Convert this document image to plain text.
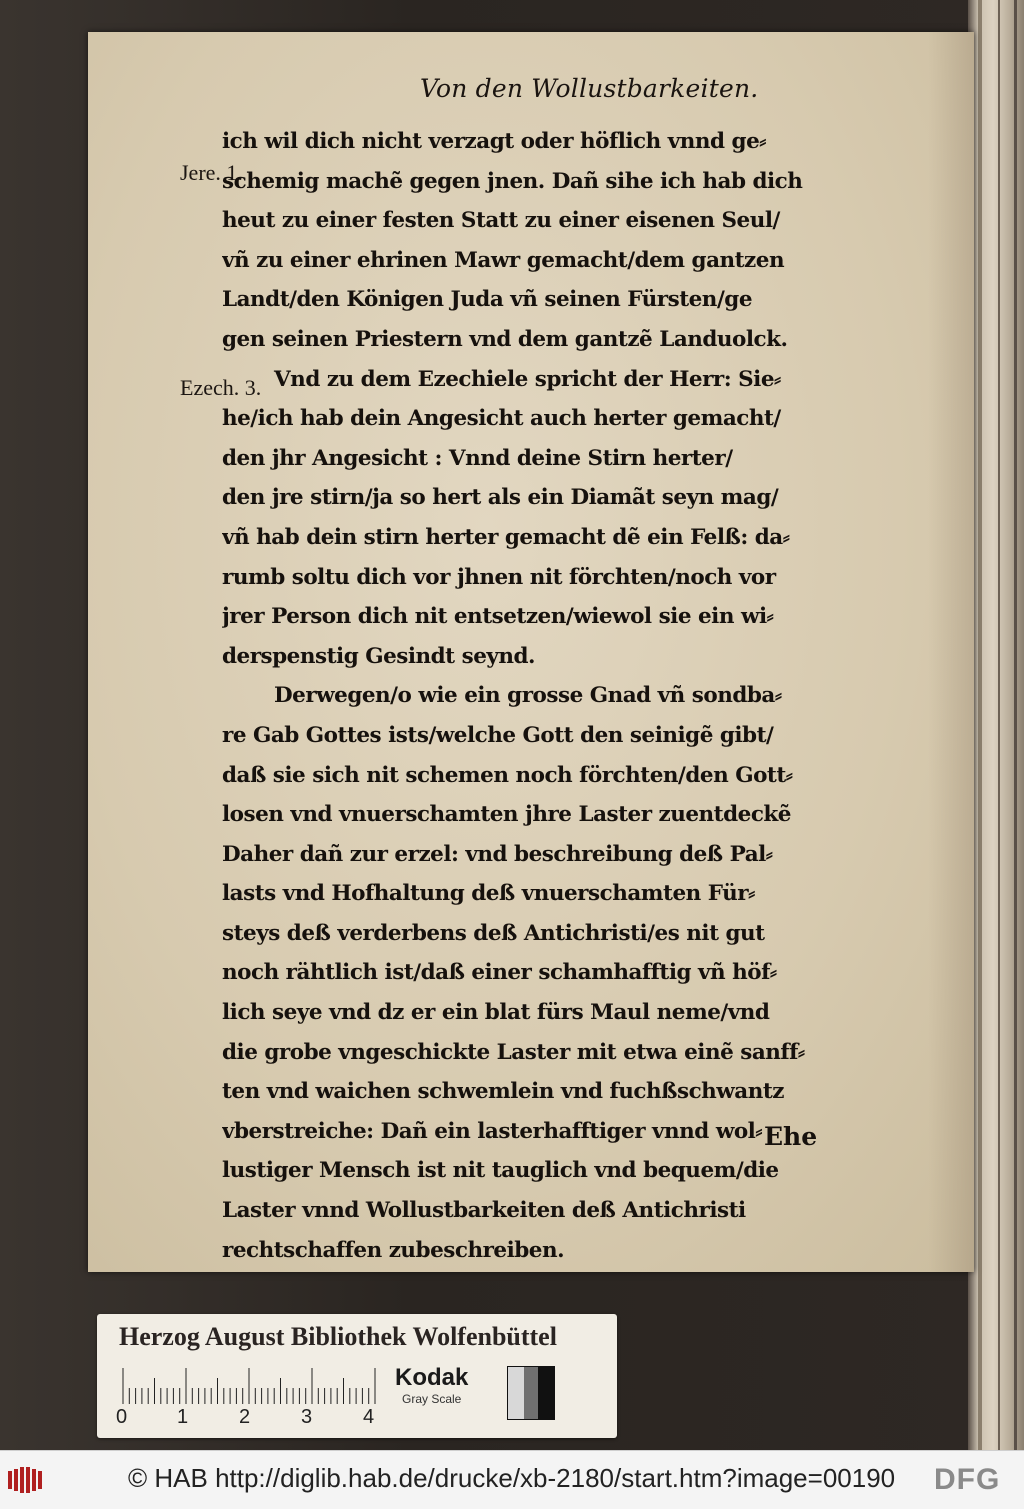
Von den Wollustbarkeiten.
Jere. 1.
Ezech. 3.
ich wil dich nicht verzagt oder höflich vnnd ge⸗
schemig machẽ gegen jnen. Dañ sihe ich hab dich
heut zu einer festen Statt zu einer eisenen Seul/
vñ zu einer ehrinen Mawr gemacht/dem gantzen
Landt/den Königen Juda vñ seinen Fürsten/ge
gen seinen Priestern vnd dem gantzẽ Landuolck.
Vnd zu dem Ezechiele spricht der Herr: Sie⸗
he/ich hab dein Angesicht auch herter gemacht/
den jhr Angesicht : Vnnd deine Stirn herter/
den jre stirn/ja so hert als ein Diamãt seyn mag/
vñ hab dein stirn herter gemacht dẽ ein Felß: da⸗
rumb soltu dich vor jhnen nit förchten/noch vor
jrer Person dich nit entsetzen/wiewol sie ein wi⸗
derspenstig Gesindt seynd.
Derwegen/o wie ein grosse Gnad vñ sondba⸗
re Gab Gottes ists/welche Gott den seinigẽ gibt/
daß sie sich nit schemen noch förchten/den Gott⸗
losen vnd vnuerschamten jhre Laster zuentdeckẽ
Daher dañ zur erzel: vnd beschreibung deß Pal⸗
lasts vnd Hofhaltung deß vnuerschamten Für⸗
steys deß verderbens deß Antichristi/es nit gut
noch rähtlich ist/daß einer schamhafftig vñ höf⸗
lich seye vnd dz er ein blat fürs Maul neme/vnd
die grobe vngeschickte Laster mit etwa einẽ sanff⸗
ten vnd waichen schwemlein vnd fuchßschwantz
vberstreiche: Dañ ein lasterhafftiger vnnd wol⸗
lustiger Mensch ist nit tauglich vnd bequem/die
Laster vnnd Wollustbarkeiten deß Antichristi
rechtschaffen zubeschreiben.
Ehe
Herzog August Bibliothek Wolfenbüttel
0 1	2	3	4
Kodak
Gray Scale
© HAB http://diglib.hab.de/drucke/xb-2180/start.htm?image=00190 DFG
